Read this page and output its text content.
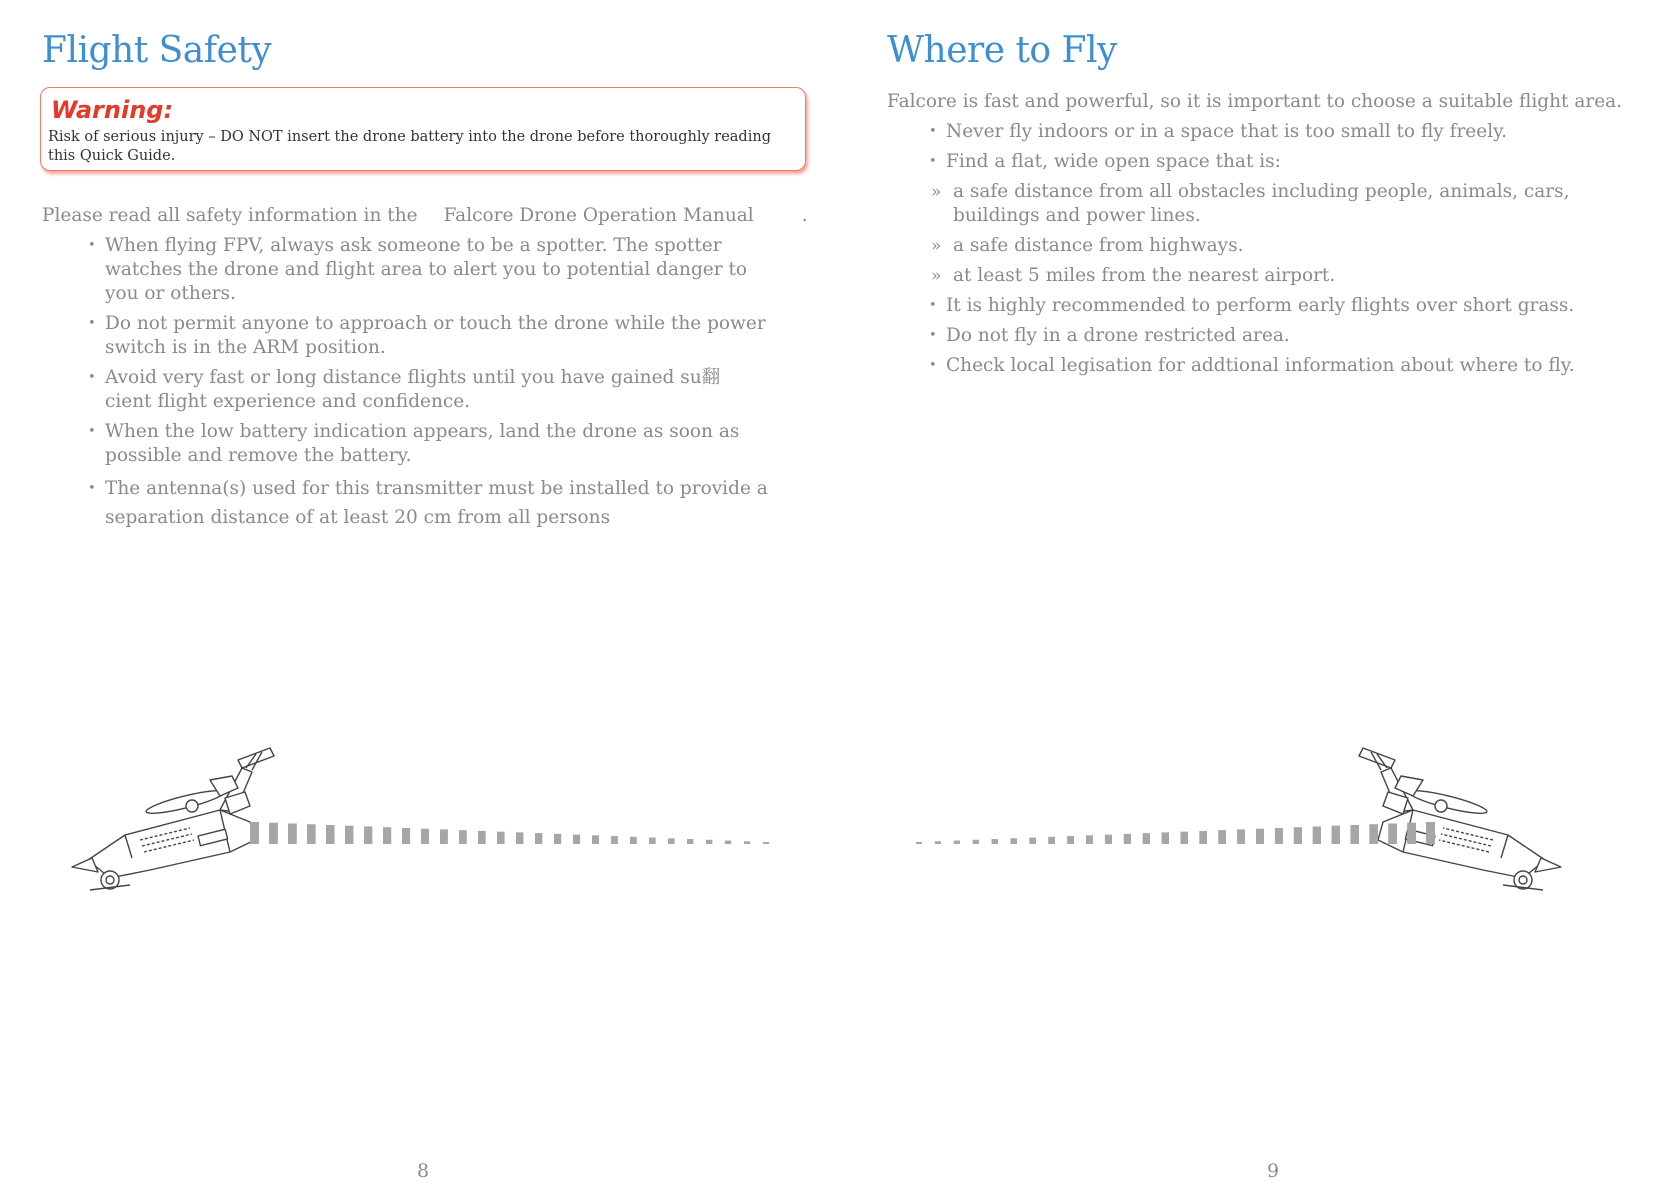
Flight Safety
Warning:
Risk of serious injury – DO NOT insert the drone battery into the drone before thoroughly reading this Quick Guide.
Please read all safety information in the Falcore Drone Operation Manual	.
• When flying FPV, always ask someone to be a spotter. The spotter watches the drone and flight area to alert you to potential danger to you or others.
• Do not permit anyone to approach or touch the drone while the power switch is in the ARM position.
• Avoid very fast or long distance flights until you have gained su翻 cient flight experience and confidence.
• When the low battery indication appears, land the drone as soon as possible and remove the battery.
• The antenna(s) used for this transmitter must be installed to provide a separation distance of at least 20 cm from all persons
8
Where to Fly
Falcore is fast and powerful, so it is important to choose a suitable flight area.
• Never fly indoors or in a space that is too small to fly freely.
• Find a flat, wide open space that is:
» a safe distance from all obstacles including people, animals, cars, buildings and power lines.
» a safe distance from highways.
» at least 5 miles from the nearest airport.
• It is highly recommended to perform early flights over short grass.
• Do not fly in a drone restricted area.
• Check local legisation for addtional information about where to fly.
9
